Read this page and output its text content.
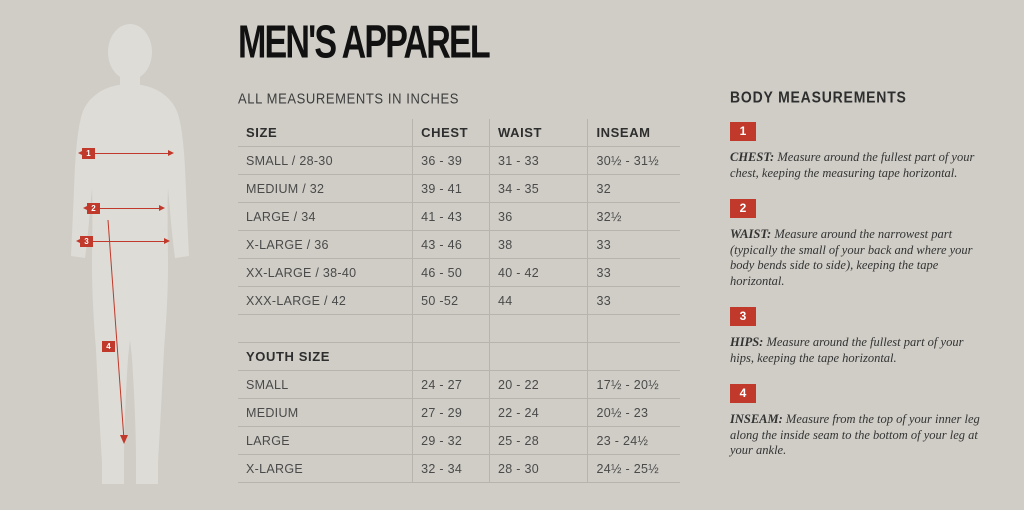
1
2
3
4
MEN'S APPAREL
ALL MEASUREMENTS IN INCHES
SIZE	CHEST	WAIST	INSEAM
SMALL / 28-30	36 - 39	31 - 33	30½ - 31½
MEDIUM / 32	39 - 41	34 - 35	32
LARGE / 34	41 - 43	36	32½
X-LARGE / 36	43 - 46	38	33
XX-LARGE / 38-40	46 - 50	40 - 42	33
XXX-LARGE / 42	50 -52	44	33

YOUTH SIZE			
SMALL	24 - 27	20 - 22	17½ - 20½
MEDIUM	27 - 29	22 - 24	20½ - 23
LARGE	29 - 32	25 - 28	23 - 24½
X-LARGE	32 - 34	28 - 30	24½ - 25½
BODY MEASUREMENTS
1
CHEST: Measure around the fullest part of your chest, keeping the measuring tape horizontal.
2
WAIST: Measure around the narrowest part (typically the small of your back and where your body bends side to side), keeping the tape horizontal.
3
HIPS: Measure around the fullest part of your hips, keeping the tape horizontal.
4
INSEAM: Measure from the top of your inner leg along the inside seam to the bottom of your leg at your ankle.
